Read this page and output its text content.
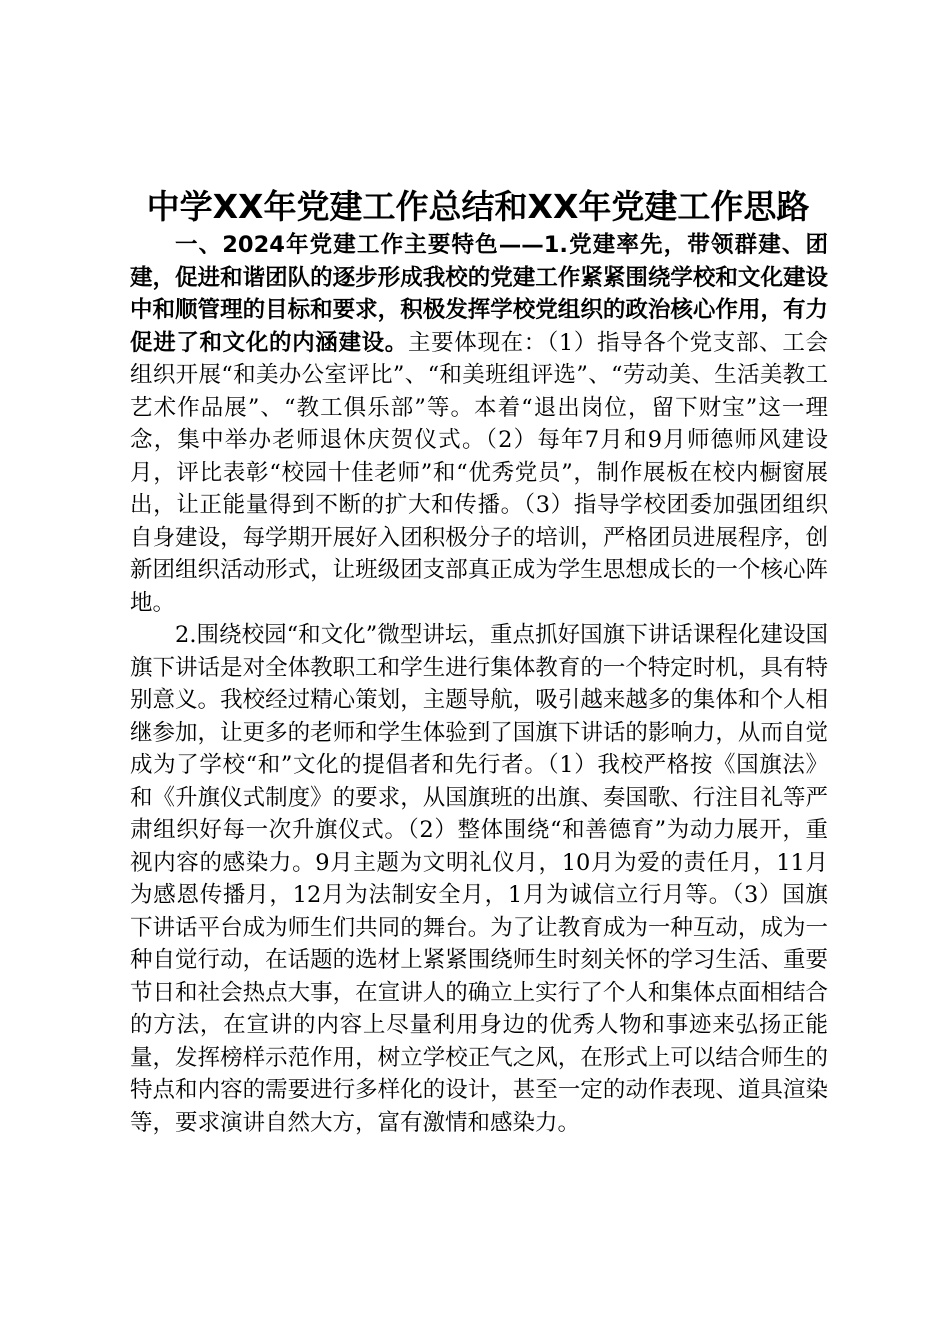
中学XX年党建工作总结和XX年党建工作思路

一、2024年党建工作主要特色——1.党建率先，带领群建、团建，促进和谐团队的逐步形成我校的党建工作紧紧围绕学校和文化建设中和顺管理的目标和要求，积极发挥学校党组织的政治核心作用，有力促进了和文化的内涵建设。主要体现在：（1）指导各个党支部、工会组织开展“和美办公室评比”、“和美班组评选”、“劳动美、生活美教工艺术作品展”、“教工俱乐部”等。本着“退出岗位，留下财宝”这一理念，集中举办老师退休庆贺仪式。（2）每年7月和9月师德师风建设月，评比表彰“校园十佳老师”和“优秀党员”，制作展板在校内橱窗展出，让正能量得到不断的扩大和传播。（3）指导学校团委加强团组织自身建设，每学期开展好入团积极分子的培训，严格团员进展程序，创新团组织活动形式，让班级团支部真正成为学生思想成长的一个核心阵地。

2.围绕校园“和文化”微型讲坛，重点抓好国旗下讲话课程化建设国旗下讲话是对全体教职工和学生进行集体教育的一个特定时机，具有特别意义。我校经过精心策划，主题导航，吸引越来越多的集体和个人相继参加，让更多的老师和学生体验到了国旗下讲话的影响力，从而自觉成为了学校“和”文化的提倡者和先行者。（1）我校严格按《国旗法》和《升旗仪式制度》的要求，从国旗班的出旗、奏国歌、行注目礼等严肃组织好每一次升旗仪式。（2）整体围绕“和善德育”为动力展开，重视内容的感染力。9月主题为文明礼仪月，10月为爱的责任月，11月为感恩传播月，12月为法制安全月，1月为诚信立行月等。（3）国旗下讲话平台成为师生们共同的舞台。为了让教育成为一种互动，成为一种自觉行动，在话题的选材上紧紧围绕师生时刻关怀的学习生活、重要节日和社会热点大事，在宣讲人的确立上实行了个人和集体点面相结合的方法，在宣讲的内容上尽量利用身边的优秀人物和事迹来弘扬正能量，发挥榜样示范作用，树立学校正气之风，在形式上可以结合师生的特点和内容的需要进行多样化的设计，甚至一定的动作表现、道具渲染等，要求演讲自然大方，富有激情和感染力。
